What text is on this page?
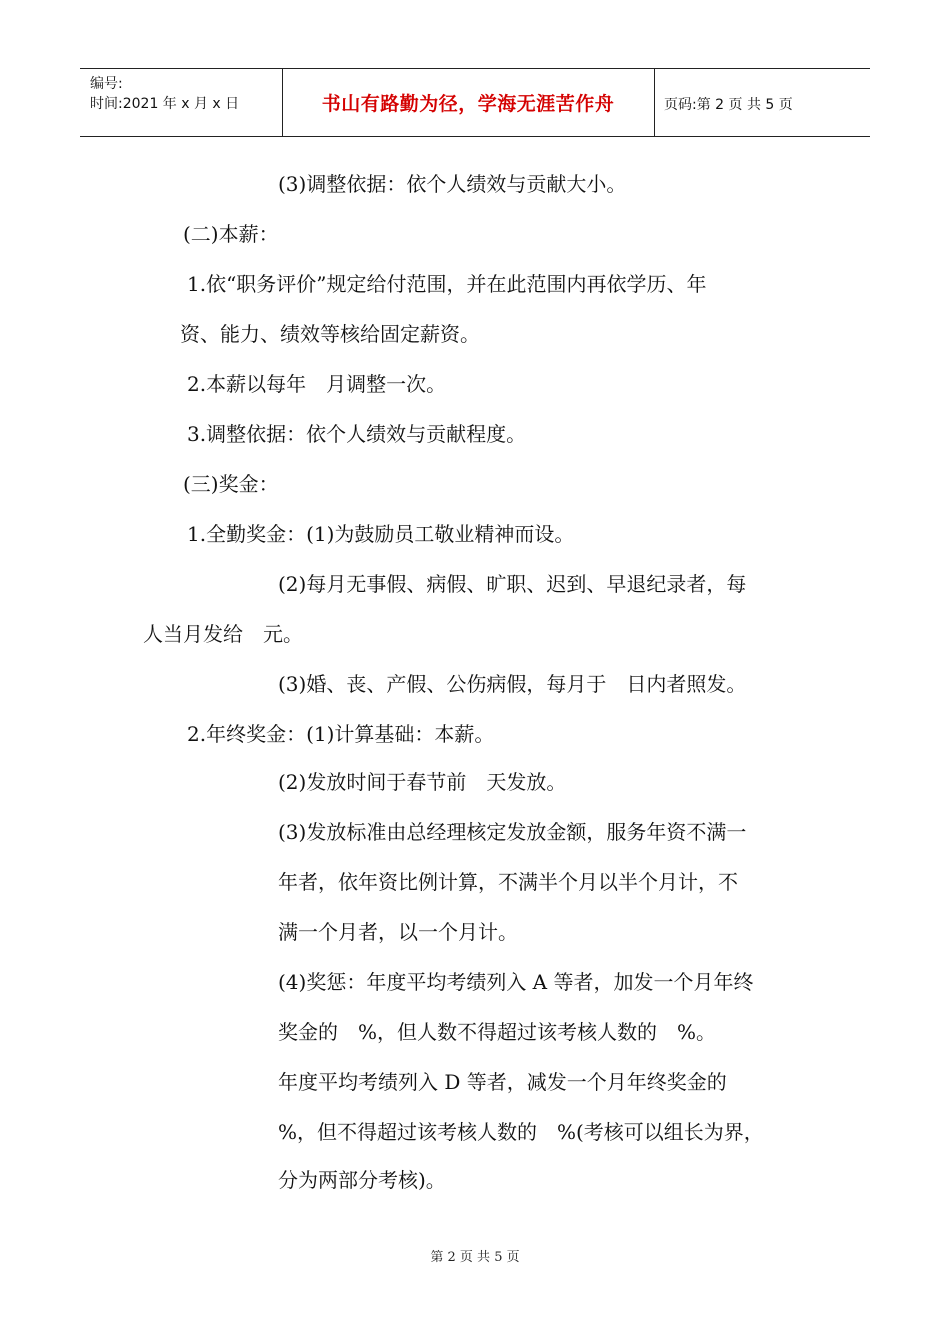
编号:
时间:2021 年 x 月 x 日	书山有路勤为径，学海无涯苦作舟	页码:第 2 页 共 5 页
(3)调整依据：依个人绩效与贡献大小。
(二)本薪：
1.依“职务评价”规定给付范围，并在此范围内再依学历、年
资、能力、绩效等核给固定薪资。
2.本薪以每年　月调整一次。
3.调整依据：依个人绩效与贡献程度。
(三)奖金：
1.全勤奖金：(1)为鼓励员工敬业精神而设。
(2)每月无事假、病假、旷职、迟到、早退纪录者，每
人当月发给　元。
(3)婚、丧、产假、公伤病假，每月于　日内者照发。
2.年终奖金：(1)计算基础：本薪。
(2)发放时间于春节前　天发放。
(3)发放标准由总经理核定发放金额，服务年资不满一
年者，依年资比例计算，不满半个月以半个月计，不
满一个月者，以一个月计。
(4)奖惩：年度平均考绩列入 A 等者，加发一个月年终
奖金的　%，但人数不得超过该考核人数的　%。
年度平均考绩列入 D 等者，减发一个月年终奖金的
%，但不得超过该考核人数的　%(考核可以组长为界，
分为两部分考核)。
第 2 页 共 5 页
